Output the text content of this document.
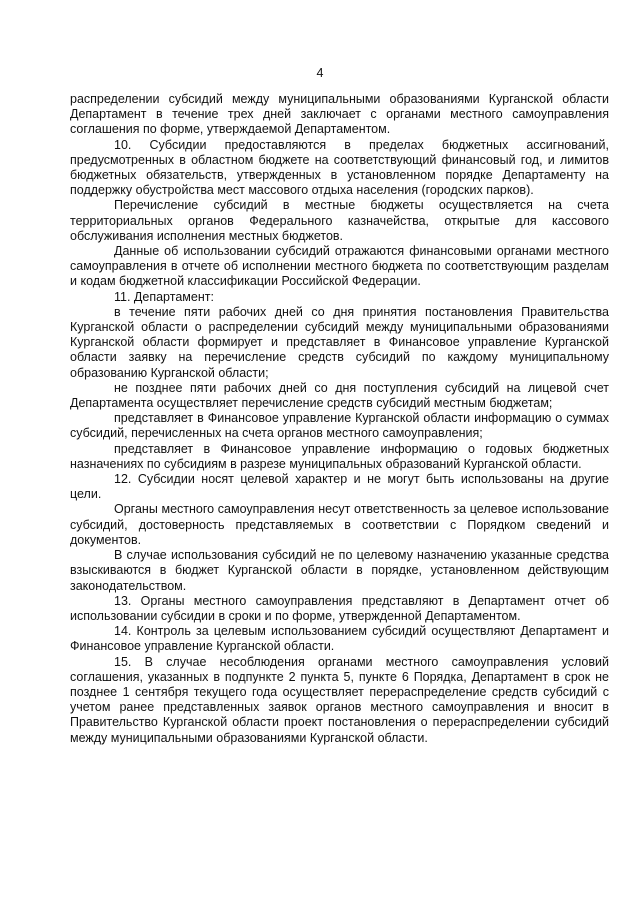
4

распределении субсидий между муниципальными образованиями Курганской области Департамент в течение трех дней заключает с органами местного самоуправления соглашения по форме, утверждаемой Департаментом.

10. Субсидии предоставляются в пределах бюджетных ассигнований, предусмотренных в областном бюджете на соответствующий финансовый год, и лимитов бюджетных обязательств, утвержденных в установленном порядке Департаменту на поддержку обустройства мест массового отдыха населения (городских парков).

Перечисление субсидий в местные бюджеты осуществляется на счета территориальных органов Федерального казначейства, открытые для кассового обслуживания исполнения местных бюджетов.

Данные об использовании субсидий отражаются финансовыми органами местного самоуправления в отчете об исполнении местного бюджета по соответствующим разделам и кодам бюджетной классификации Российской Федерации.

11. Департамент:

в течение пяти рабочих дней со дня принятия постановления Правительства Курганской области о распределении субсидий между муниципальными образованиями Курганской области формирует и представляет в Финансовое управление Курганской области заявку на перечисление средств субсидий по каждому муниципальному образованию Курганской области;

не позднее пяти рабочих дней со дня поступления субсидий на лицевой счет Департамента осуществляет перечисление средств субсидий местным бюджетам;

представляет в Финансовое управление Курганской области информацию о суммах субсидий, перечисленных на счета органов местного самоуправления;

представляет в Финансовое управление информацию о годовых бюджетных назначениях по субсидиям в разрезе муниципальных образований Курганской области.

12. Субсидии носят целевой характер и не могут быть использованы на другие цели.

Органы местного самоуправления несут ответственность за целевое использование субсидий, достоверность представляемых в соответствии с Порядком сведений и документов.

В случае использования субсидий не по целевому назначению указанные средства взыскиваются в бюджет Курганской области в порядке, установленном действующим законодательством.

13. Органы местного самоуправления представляют в Департамент отчет об использовании субсидии в сроки и по форме, утвержденной Департаментом.

14. Контроль за целевым использованием субсидий осуществляют Департамент и Финансовое управление Курганской области.

15. В случае несоблюдения органами местного самоуправления условий соглашения, указанных в подпункте 2 пункта 5, пункте 6 Порядка, Департамент в срок не позднее 1 сентября текущего года осуществляет перераспределение средств субсидий с учетом ранее представленных заявок органов местного самоуправления и вносит в Правительство Курганской области проект постановления о перераспределении субсидий между муниципальными образованиями Курганской области.
